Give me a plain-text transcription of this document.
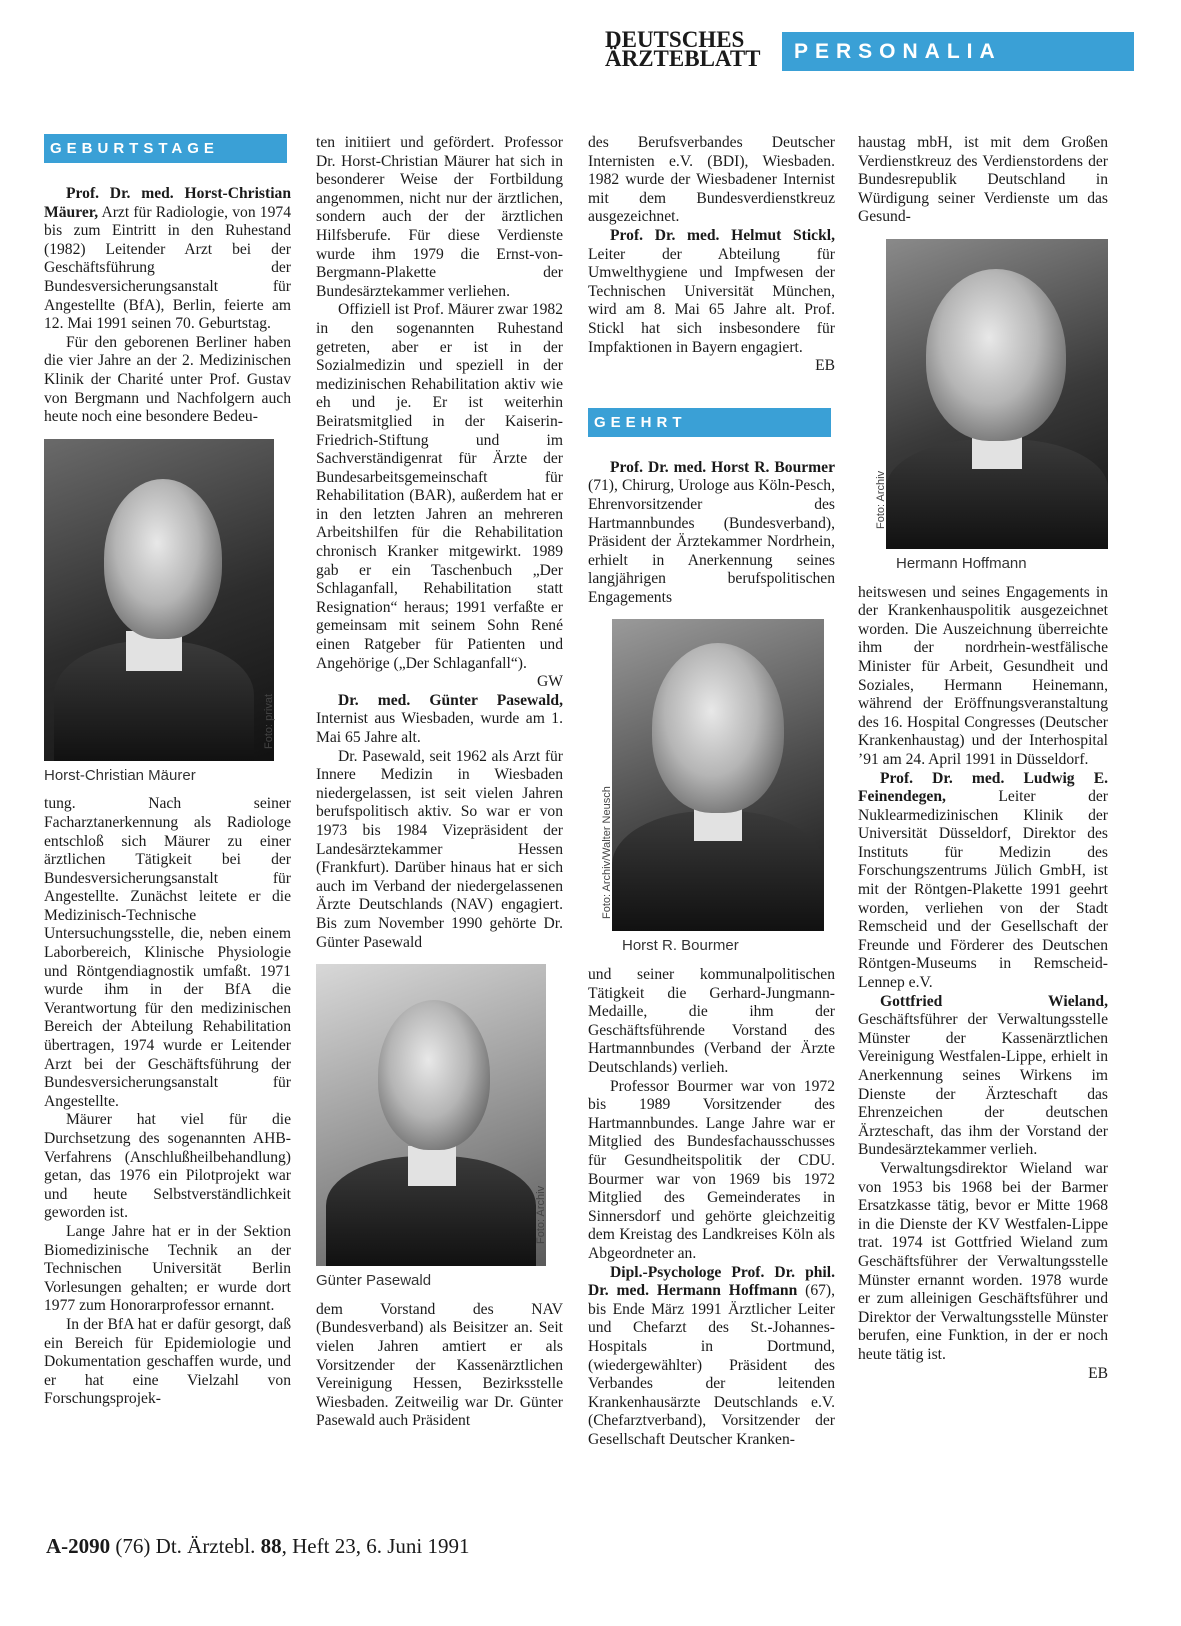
DEUTSCHES
ÄRZTEBLATT	PERSONALIA
GEBURTSTAGE

Prof. Dr. med. Horst-Christian Mäurer, Arzt für Radiologie, von 1974 bis zum Eintritt in den Ruhestand (1982) Leitender Arzt bei der Geschäftsführung der Bundesversicherungsanstalt für Angestellte (BfA), Berlin, feierte am 12. Mai 1991 seinen 70. Geburtstag.

Für den geborenen Berliner haben die vier Jahre an der 2. Medizinischen Klinik der Charité unter Prof. Gustav von Bergmann und Nachfolgern auch heute noch eine besondere Bedeu-

Foto: privat
Horst-Christian Mäurer

tung. Nach seiner Facharztanerkennung als Radiologe entschloß sich Mäurer zu einer ärztlichen Tätigkeit bei der Bundesversicherungsanstalt für Angestellte. Zunächst leitete er die Medizinisch-Technische Untersuchungsstelle, die, neben einem Laborbereich, Klinische Physiologie und Röntgendiagnostik umfaßt. 1971 wurde ihm in der BfA die Verantwortung für den medizinischen Bereich der Abteilung Rehabilitation übertragen, 1974 wurde er Leitender Arzt bei der Geschäftsführung der Bundesversicherungsanstalt für Angestellte.

Mäurer hat viel für die Durchsetzung des sogenannten AHB-Verfahrens (Anschlußheilbehandlung) getan, das 1976 ein Pilotprojekt war und heute Selbstverständlichkeit geworden ist.

Lange Jahre hat er in der Sektion Biomedizinische Technik an der Technischen Universität Berlin Vorlesungen gehalten; er wurde dort 1977 zum Honorarprofessor ernannt.

In der BfA hat er dafür gesorgt, daß ein Bereich für Epidemiologie und Dokumentation geschaffen wurde, und er hat eine Vielzahl von Forschungsprojek-

ten initiiert und gefördert. Professor Dr. Horst-Christian Mäurer hat sich in besonderer Weise der Fortbildung angenommen, nicht nur der ärztlichen, sondern auch der der ärztlichen Hilfsberufe. Für diese Verdienste wurde ihm 1979 die Ernst-von-Bergmann-Plakette der Bundesärztekammer verliehen.

Offiziell ist Prof. Mäurer zwar 1982 in den sogenannten Ruhestand getreten, aber er ist in der Sozialmedizin und speziell in der medizinischen Rehabilitation aktiv wie eh und je. Er ist weiterhin Beiratsmitglied in der Kaiserin-Friedrich-Stiftung und im Sachverständigenrat für Ärzte der Bundesarbeitsgemeinschaft für Rehabilitation (BAR), außerdem hat er in den letzten Jahren an mehreren Arbeitshilfen für die Rehabilitation chronisch Kranker mitgewirkt. 1989 gab er ein Taschenbuch „Der Schlaganfall, Rehabilitation statt Resignation“ heraus; 1991 verfaßte er gemeinsam mit seinem Sohn René einen Ratgeber für Patienten und Angehörige („Der Schlaganfall“).

GW

Dr. med. Günter Pasewald, Internist aus Wiesbaden, wurde am 1. Mai 65 Jahre alt.

Dr. Pasewald, seit 1962 als Arzt für Innere Medizin in Wiesbaden niedergelassen, ist seit vielen Jahren berufspolitisch aktiv. So war er von 1973 bis 1984 Vizepräsident der Landesärztekammer Hessen (Frankfurt). Darüber hinaus hat er sich auch im Verband der niedergelassenen Ärzte Deutschlands (NAV) engagiert. Bis zum November 1990 gehörte Dr. Günter Pasewald

Foto: Archiv
Günter Pasewald

dem Vorstand des NAV (Bundesverband) als Beisitzer an. Seit vielen Jahren amtiert er als Vorsitzender der Kassenärztlichen Vereinigung Hessen, Bezirksstelle Wiesbaden. Zeitweilig war Dr. Günter Pasewald auch Präsident

des Berufsverbandes Deutscher Internisten e.V. (BDI), Wiesbaden. 1982 wurde der Wiesbadener Internist mit dem Bundesverdienstkreuz ausgezeichnet.

Prof. Dr. med. Helmut Stickl, Leiter der Abteilung für Umwelthygiene und Impfwesen der Technischen Universität München, wird am 8. Mai 65 Jahre alt. Prof. Stickl hat sich insbesondere für Impfaktionen in Bayern engagiert.

EB

GEEHRT

Prof. Dr. med. Horst R. Bourmer (71), Chirurg, Urologe aus Köln-Pesch, Ehrenvorsitzender des Hartmannbundes (Bundesverband), Präsident der Ärztekammer Nordrhein, erhielt in Anerkennung seines langjährigen berufspolitischen Engagements

Foto: Archiv/Walter Neusch
Horst R. Bourmer

und seiner kommunalpolitischen Tätigkeit die Gerhard-Jungmann-Medaille, die ihm der Geschäftsführende Vorstand des Hartmannbundes (Verband der Ärzte Deutschlands) verlieh.

Professor Bourmer war von 1972 bis 1989 Vorsitzender des Hartmannbundes. Lange Jahre war er Mitglied des Bundesfachausschusses für Gesundheitspolitik der CDU. Bourmer war von 1969 bis 1972 Mitglied des Gemeinderates in Sinnersdorf und gehörte gleichzeitig dem Kreistag des Landkreises Köln als Abgeordneter an.

Dipl.-Psychologe Prof. Dr. phil. Dr. med. Hermann Hoffmann (67), bis Ende März 1991 Ärztlicher Leiter und Chefarzt des St.-Johannes-Hospitals in Dortmund, (wiedergewählter) Präsident des Verbandes der leitenden Krankenhausärzte Deutschlands e.V. (Chefarztverband), Vorsitzender der Gesellschaft Deutscher Kranken-

haustag mbH, ist mit dem Großen Verdienstkreuz des Verdienstordens der Bundesrepublik Deutschland in Würdigung seiner Verdienste um das Gesund-

Foto: Archiv
Hermann Hoffmann

heitswesen und seines Engagements in der Krankenhauspolitik ausgezeichnet worden. Die Auszeichnung überreichte ihm der nordrhein-westfälische Minister für Arbeit, Gesundheit und Soziales, Hermann Heinemann, während der Eröffnungsveranstaltung des 16. Hospital Congresses (Deutscher Krankenhaustag) und der Interhospital ’91 am 24. April 1991 in Düsseldorf.

Prof. Dr. med. Ludwig E. Feinendegen, Leiter der Nuklearmedizinischen Klinik der Universität Düsseldorf, Direktor des Instituts für Medizin des Forschungszentrums Jülich GmbH, ist mit der Röntgen-Plakette 1991 geehrt worden, verliehen von der Stadt Remscheid und der Gesellschaft der Freunde und Förderer des Deutschen Röntgen-Museums in Remscheid-Lennep e.V.

Gottfried Wieland, Geschäftsführer der Verwaltungsstelle Münster der Kassenärztlichen Vereinigung Westfalen-Lippe, erhielt in Anerkennung seines Wirkens im Dienste der Ärzteschaft das Ehrenzeichen der deutschen Ärzteschaft, das ihm der Vorstand der Bundesärztekammer verlieh.

Verwaltungsdirektor Wieland war von 1953 bis 1968 bei der Barmer Ersatzkasse tätig, bevor er Mitte 1968 in die Dienste der KV Westfalen-Lippe trat. 1974 ist Gottfried Wieland zum Geschäftsführer der Verwaltungsstelle Münster ernannt worden. 1978 wurde er zum alleinigen Geschäftsführer und Direktor der Verwaltungsstelle Münster berufen, eine Funktion, in der er noch heute tätig ist.

EB

A-2090 (76) Dt. Ärztebl. 88, Heft 23, 6. Juni 1991
